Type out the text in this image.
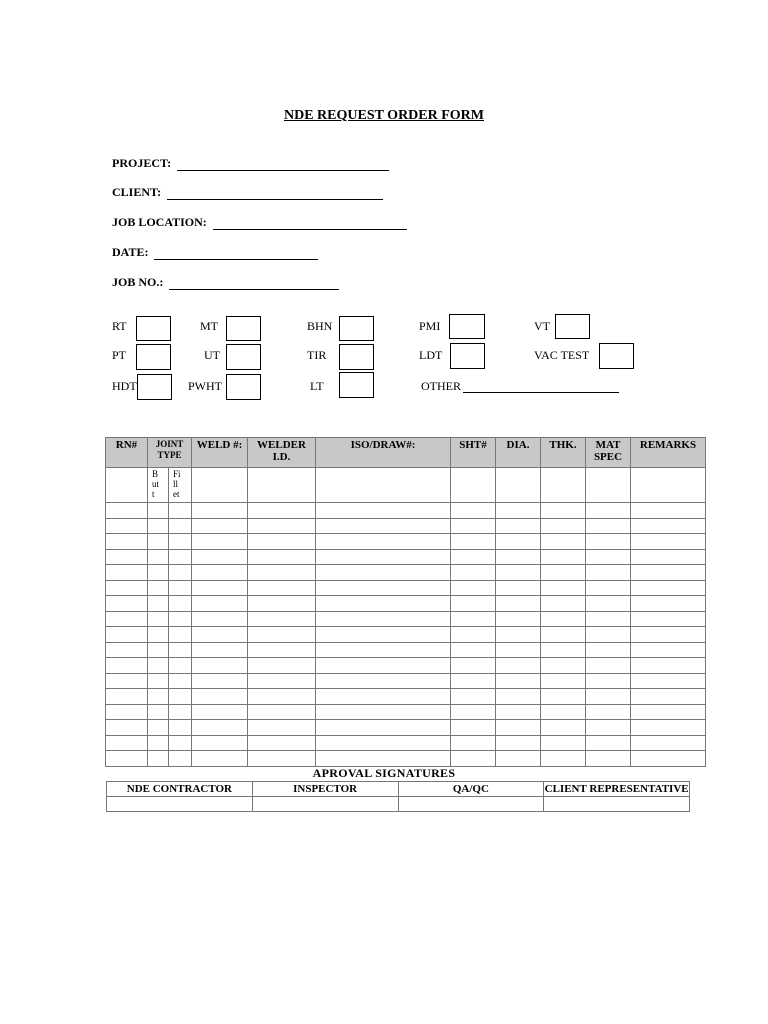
NDE REQUEST ORDER FORM
PROJECT:
CLIENT:
JOB LOCATION:
DATE:
JOB NO.:
RT	MT	BHN	PMI	VT
PT	UT	TIR	LDT	VAC TEST
HDT	PWHT	LT	OTHER
RN#	JOINT TYPE		WELD #:	WELDER I.D.	ISO/DRAW#:	SHT#	DIA.	THK.	MAT SPEC	REMARKS

	Butt	Fillet								

APROVAL SIGNATURES
NDE CONTRACTOR	INSPECTOR	QA/QC	CLIENT REPRESENTATIVE
